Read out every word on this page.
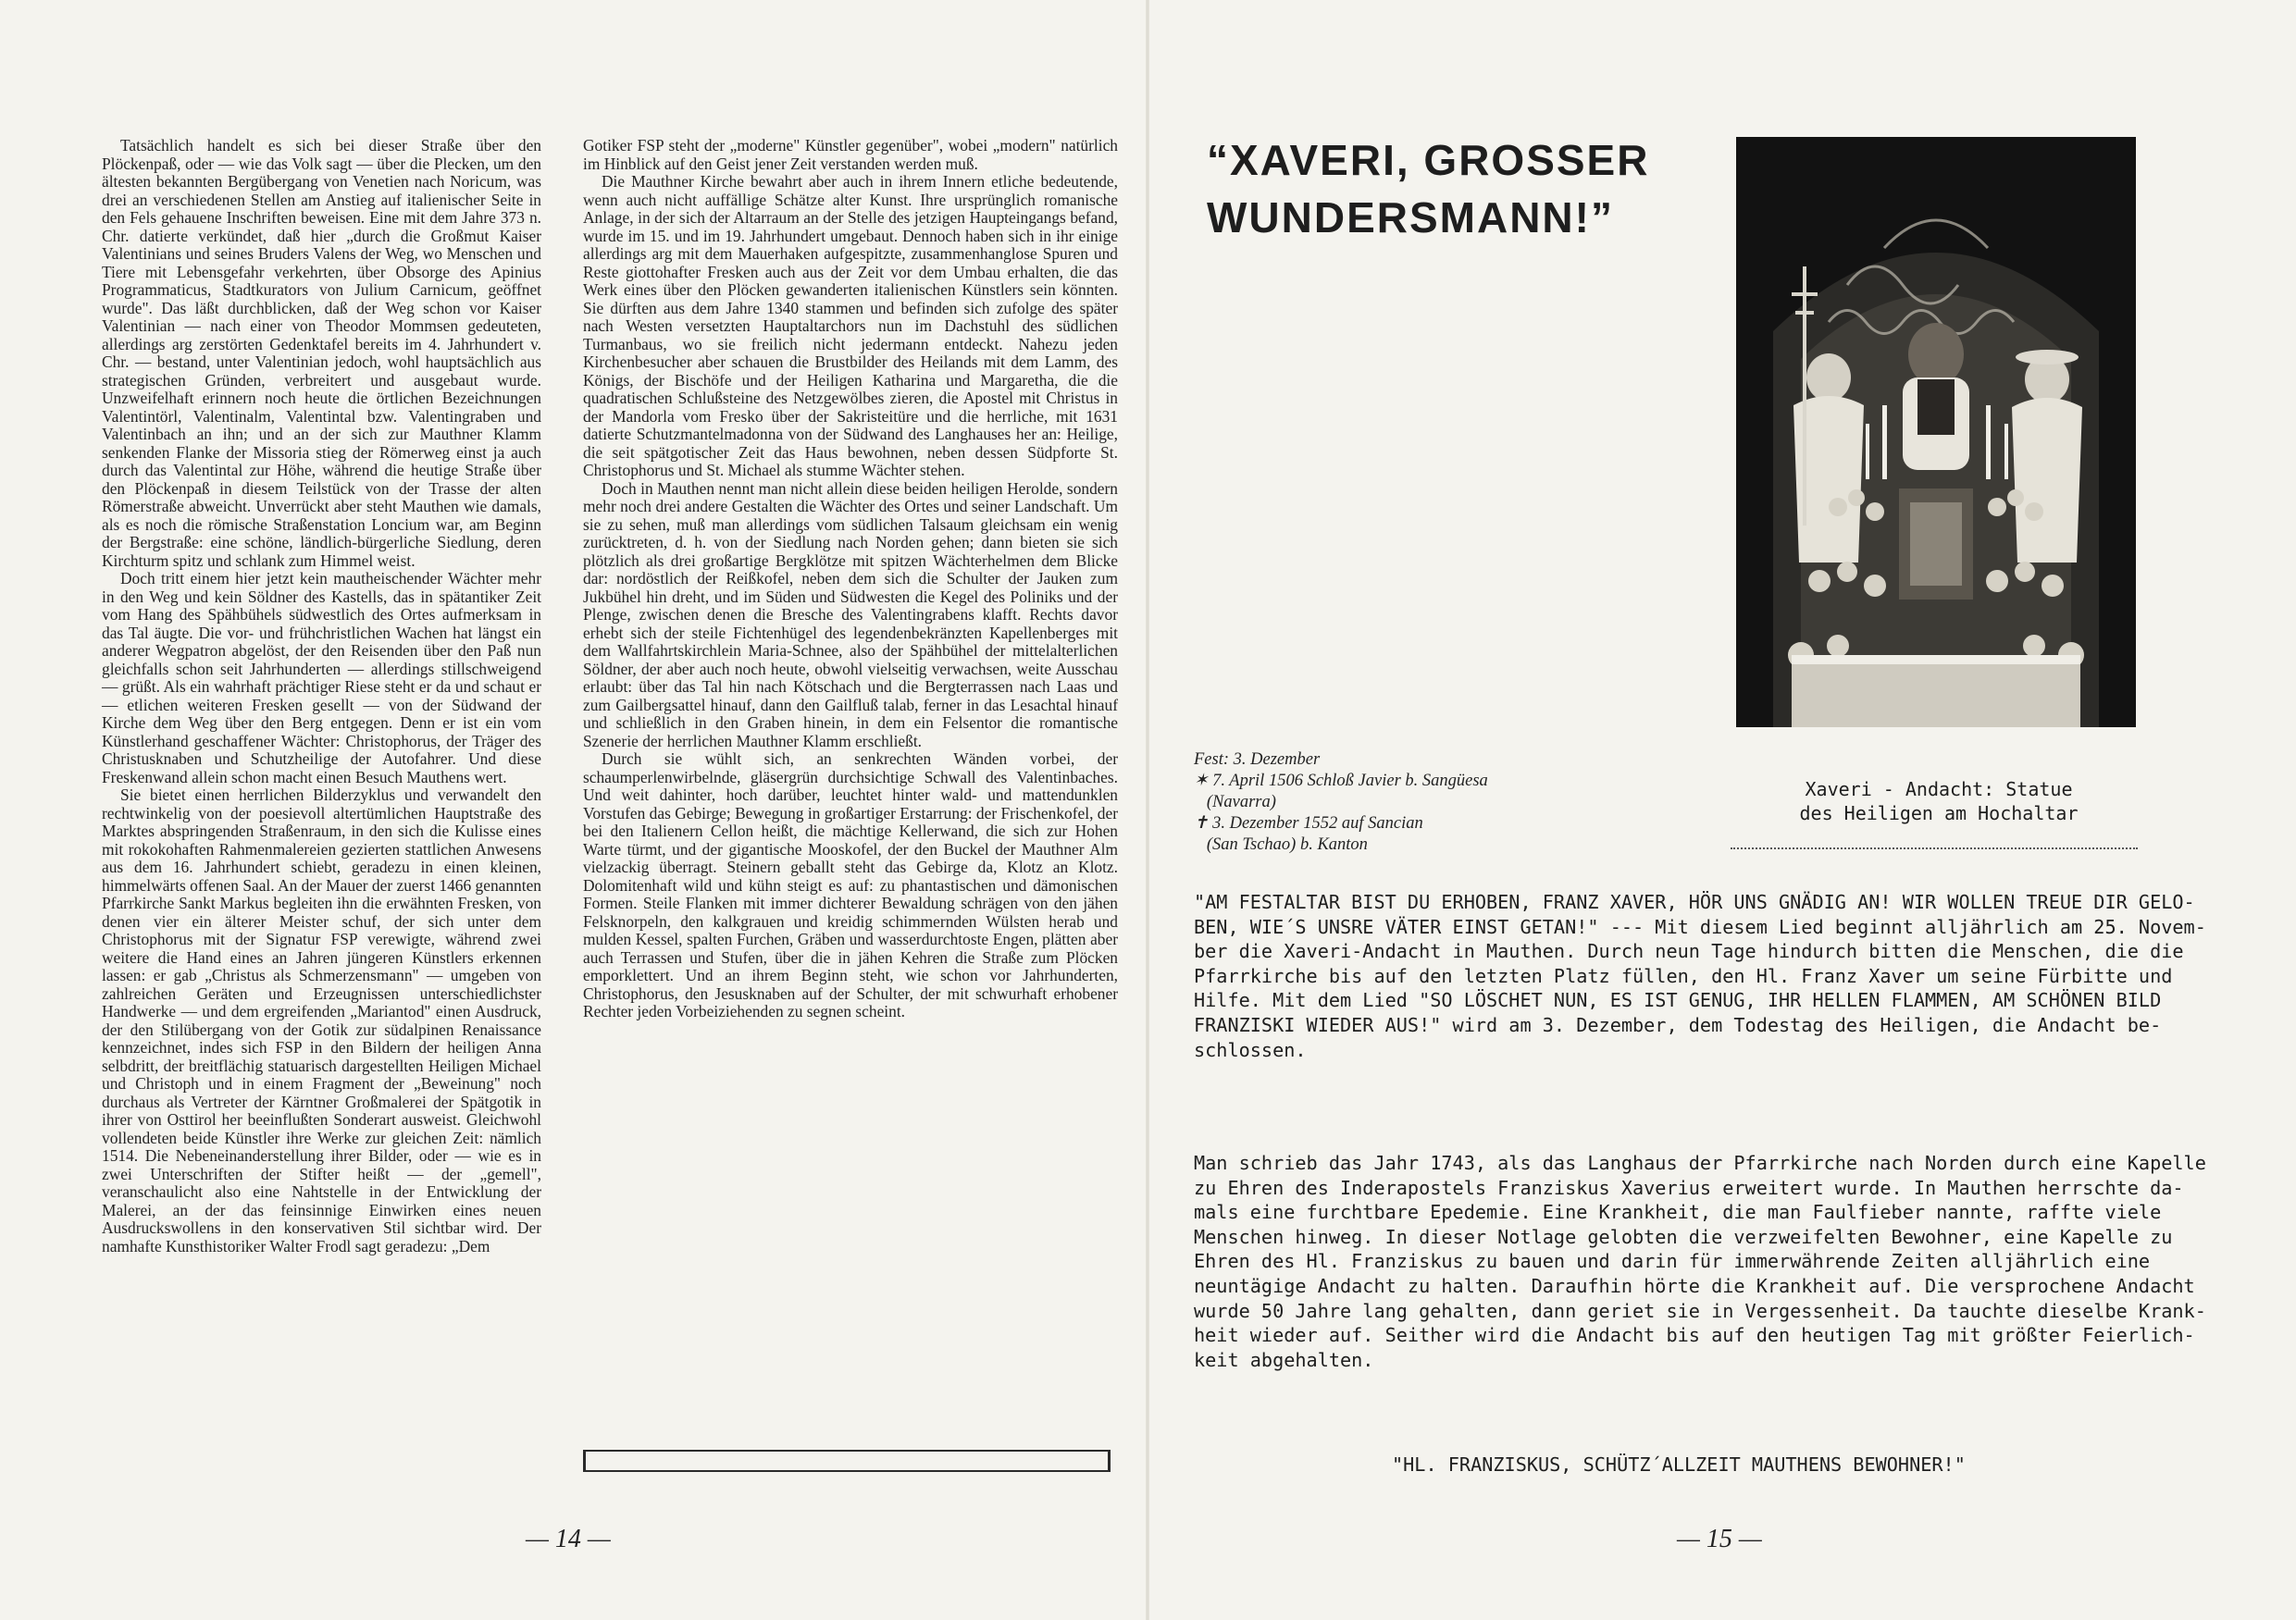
Tatsächlich handelt es sich bei dieser Straße über den Plöckenpaß, oder — wie das Volk sagt — über die Plecken, um den ältesten bekannten Bergübergang von Venetien nach Noricum, was drei an verschiedenen Stellen am Anstieg auf italienischer Seite in den Fels gehauene Inschriften beweisen. Eine mit dem Jahre 373 n. Chr. datierte verkündet, daß hier „durch die Großmut Kaiser Valentinians und seines Bruders Valens der Weg, wo Menschen und Tiere mit Lebensgefahr verkehrten, über Obsorge des Apinius Programmaticus, Stadtkurators von Julium Carnicum, geöffnet wurde". Das läßt durchblicken, daß der Weg schon vor Kaiser Valentinian — nach einer von Theodor Mommsen gedeuteten, allerdings arg zerstörten Gedenktafel bereits im 4. Jahrhundert v. Chr. — bestand, unter Valentinian jedoch, wohl hauptsächlich aus strategischen Gründen, verbreitert und ausgebaut wurde. Unzweifelhaft erinnern noch heute die örtlichen Bezeichnungen Valentintörl, Valentinalm, Valentintal bzw. Valentingraben und Valentinbach an ihn; und an der sich zur Mauthner Klamm senkenden Flanke der Missoria stieg der Römerweg einst ja auch durch das Valentintal zur Höhe, während die heutige Straße über den Plöckenpaß in diesem Teilstück von der Trasse der alten Römerstraße abweicht. Unverrückt aber steht Mauthen wie damals, als es noch die römische Straßenstation Loncium war, am Beginn der Bergstraße: eine schöne, ländlich-bürgerliche Siedlung, deren Kirchturm spitz und schlank zum Himmel weist.

Doch tritt einem hier jetzt kein mautheischender Wächter mehr in den Weg und kein Söldner des Kastells, das in spätantiker Zeit vom Hang des Spähbühels südwestlich des Ortes aufmerksam in das Tal äugte. Die vor- und frühchristlichen Wachen hat längst ein anderer Wegpatron abgelöst, der den Reisenden über den Paß nun gleichfalls schon seit Jahrhunderten — allerdings stillschweigend — grüßt. Als ein wahrhaft prächtiger Riese steht er da und schaut er — etlichen weiteren Fresken gesellt — von der Südwand der Kirche dem Weg über den Berg entgegen. Denn er ist ein vom Künstlerhand geschaffener Wächter: Christophorus, der Träger des Christusknaben und Schutzheilige der Autofahrer. Und diese Freskenwand allein schon macht einen Besuch Mauthens wert.

Sie bietet einen herrlichen Bilderzyklus und verwandelt den rechtwinkelig von der poesievoll altertümlichen Hauptstraße des Marktes abspringenden Straßenraum, in den sich die Kulisse eines mit rokokohaften Rahmenmalereien gezierten stattlichen Anwesens aus dem 16. Jahrhundert schiebt, geradezu in einen kleinen, himmelwärts offenen Saal. An der Mauer der zuerst 1466 genannten Pfarrkirche Sankt Markus begleiten ihn die erwähnten Fresken, von denen vier ein älterer Meister schuf, der sich unter dem Christophorus mit der Signatur FSP verewigte, während zwei weitere die Hand eines an Jahren jüngeren Künstlers erkennen lassen: er gab „Christus als Schmerzensmann" — umgeben von zahlreichen Geräten und Erzeugnissen unterschiedlichster Handwerke — und dem ergreifenden „Mariantod" einen Ausdruck, der den Stilübergang von der Gotik zur südalpinen Renaissance kennzeichnet, indes sich FSP in den Bildern der heiligen Anna selbdritt, der breitflächig statuarisch dargestellten Heiligen Michael und Christoph und in einem Fragment der „Beweinung" noch durchaus als Vertreter der Kärntner Großmalerei der Spätgotik in ihrer von Osttirol her beeinflußten Sonderart ausweist. Gleichwohl vollendeten beide Künstler ihre Werke zur gleichen Zeit: nämlich 1514. Die Nebeneinanderstellung ihrer Bilder, oder — wie es in zwei Unterschriften der Stifter heißt — der „gemell", veranschaulicht also eine Nahtstelle in der Entwicklung der Malerei, an der das feinsinnige Einwirken eines neuen Ausdruckswollens in den konservativen Stil sichtbar wird. Der namhafte Kunsthistoriker Walter Frodl sagt geradezu: „Dem

Gotiker FSP steht der „moderne" Künstler gegenüber", wobei „modern" natürlich im Hinblick auf den Geist jener Zeit verstanden werden muß.

Die Mauthner Kirche bewahrt aber auch in ihrem Innern etliche bedeutende, wenn auch nicht auffällige Schätze alter Kunst. Ihre ursprünglich romanische Anlage, in der sich der Altarraum an der Stelle des jetzigen Haupteingangs befand, wurde im 15. und im 19. Jahrhundert umgebaut. Dennoch haben sich in ihr einige allerdings arg mit dem Mauerhaken aufgespitzte, zusammenhanglose Spuren und Reste giottohafter Fresken auch aus der Zeit vor dem Umbau erhalten, die das Werk eines über den Plöcken gewanderten italienischen Künstlers sein könnten. Sie dürften aus dem Jahre 1340 stammen und befinden sich zufolge des später nach Westen versetzten Hauptaltarchors nun im Dachstuhl des südlichen Turmanbaus, wo sie freilich nicht jedermann entdeckt. Nahezu jeden Kirchenbesucher aber schauen die Brustbilder des Heilands mit dem Lamm, des Königs, der Bischöfe und der Heiligen Katharina und Margaretha, die die quadratischen Schlußsteine des Netzgewölbes zieren, die Apostel mit Christus in der Mandorla vom Fresko über der Sakristeitüre und die herrliche, mit 1631 datierte Schutzmantelmadonna von der Südwand des Langhauses her an: Heilige, die seit spätgotischer Zeit das Haus bewohnen, neben dessen Südpforte St. Christophorus und St. Michael als stumme Wächter stehen.

Doch in Mauthen nennt man nicht allein diese beiden heiligen Herolde, sondern mehr noch drei andere Gestalten die Wächter des Ortes und seiner Landschaft. Um sie zu sehen, muß man allerdings vom südlichen Talsaum gleichsam ein wenig zurücktreten, d. h. von der Siedlung nach Norden gehen; dann bieten sie sich plötzlich als drei großartige Bergklötze mit spitzen Wächterhelmen dem Blicke dar: nordöstlich der Reißkofel, neben dem sich die Schulter der Jauken zum Jukbühel hin dreht, und im Süden und Südwesten die Kegel des Poliniks und der Plenge, zwischen denen die Bresche des Valentingrabens klafft. Rechts davor erhebt sich der steile Fichtenhügel des legendenbekränzten Kapellenberges mit dem Wallfahrtskirchlein Maria-Schnee, also der Spähbühel der mittelalterlichen Söldner, der aber auch noch heute, obwohl vielseitig verwachsen, weite Ausschau erlaubt: über das Tal hin nach Kötschach und die Bergterrassen nach Laas und zum Gailbergsattel hinauf, dann den Gailfluß talab, ferner in das Lesachtal hinauf und schließlich in den Graben hinein, in dem ein Felsentor die romantische Szenerie der herrlichen Mauthner Klamm erschließt.

Durch sie wühlt sich, an senkrechten Wänden vorbei, der schaumperlenwirbelnde, gläsergrün durchsichtige Schwall des Valentinbaches. Und weit dahinter, hoch darüber, leuchtet hinter wald- und mattendunklen Vorstufen das Gebirge; Bewegung in großartiger Erstarrung: der Frischenkofel, der bei den Italienern Cellon heißt, die mächtige Kellerwand, die sich zur Hohen Warte türmt, und der gigantische Mooskofel, der den Buckel der Mauthner Alm vielzackig überragt. Steinern geballt steht das Gebirge da, Klotz an Klotz. Dolomitenhaft wild und kühn steigt es auf: zu phantastischen und dämonischen Formen. Steile Flanken mit immer dichterer Bewaldung schrägen von den jähen Felsknorpeln, den kalkgrauen und kreidig schimmernden Wülsten herab und mulden Kessel, spalten Furchen, Gräben und wasserdurchtoste Engen, plätten aber auch Terrassen und Stufen, über die in jähen Kehren die Straße zum Plöcken emporklettert. Und an ihrem Beginn steht, wie schon vor Jahrhunderten, Christophorus, den Jesusknaben auf der Schulter, der mit schwurhaft erhobener Rechter jeden Vorbeiziehenden zu segnen scheint.

— 14 —
“XAVERI, GROSSER
WUNDERSMANN!”
Fest: 3. Dezember
✶ 7. April 1506 Schloß Javier b. Sangüesa
(Navarra)
✝ 3. Dezember 1552 auf Sancian
(San Tschao) b. Kanton
Xaveri - Andacht: Statue
des Heiligen am Hochaltar
"AM FESTALTAR BIST DU ERHOBEN, FRANZ XAVER, HÖR UNS GNÄDIG AN! WIR WOLLEN TREUE DIR GELO-
BEN, WIE´S UNSRE VÄTER EINST GETAN!" --- Mit diesem Lied beginnt alljährlich am 25. Novem-
ber die Xaveri-Andacht in Mauthen. Durch neun Tage hindurch bitten die Menschen, die die
Pfarrkirche bis auf den letzten Platz füllen, den Hl. Franz Xaver um seine Fürbitte und
Hilfe. Mit dem Lied "SO LÖSCHET NUN, ES IST GENUG, IHR HELLEN FLAMMEN, AM SCHÖNEN BILD
FRANZISKI WIEDER AUS!" wird am 3. Dezember, dem Todestag des Heiligen, die Andacht be-
schlossen.
Man schrieb das Jahr 1743, als das Langhaus der Pfarrkirche nach Norden durch eine Kapelle
zu Ehren des Inderapostels Franziskus Xaverius erweitert wurde. In Mauthen herrschte da-
mals eine furchtbare Epedemie. Eine Krankheit, die man Faulfieber nannte, raffte viele
Menschen hinweg. In dieser Notlage gelobten die verzweifelten Bewohner, eine Kapelle zu
Ehren des Hl. Franziskus zu bauen und darin für immerwährende Zeiten alljährlich eine
neuntägige Andacht zu halten. Daraufhin hörte die Krankheit auf. Die versprochene Andacht
wurde 50 Jahre lang gehalten, dann geriet sie in Vergessenheit. Da tauchte dieselbe Krank-
heit wieder auf. Seither wird die Andacht bis auf den heutigen Tag mit größter Feierlich-
keit abgehalten.
"HL. FRANZISKUS, SCHÜTZ´ALLZEIT MAUTHENS BEWOHNER!"
— 15 —
